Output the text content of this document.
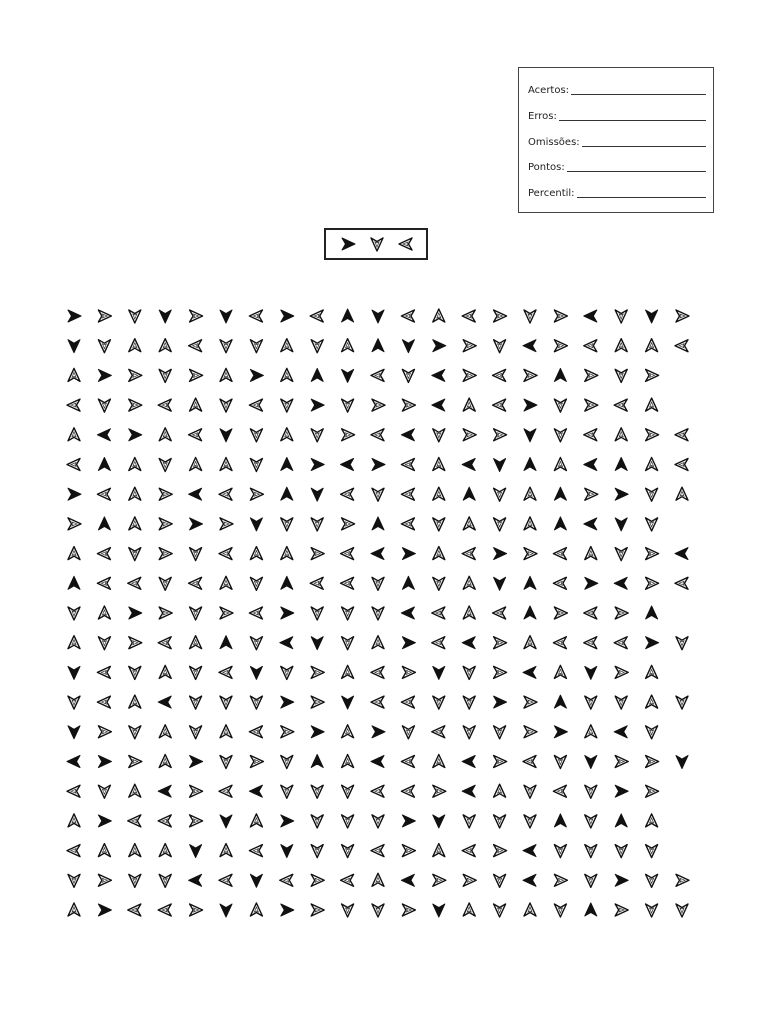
Acertos:
Erros:
Omissões:
Pontos:
Percentil:
